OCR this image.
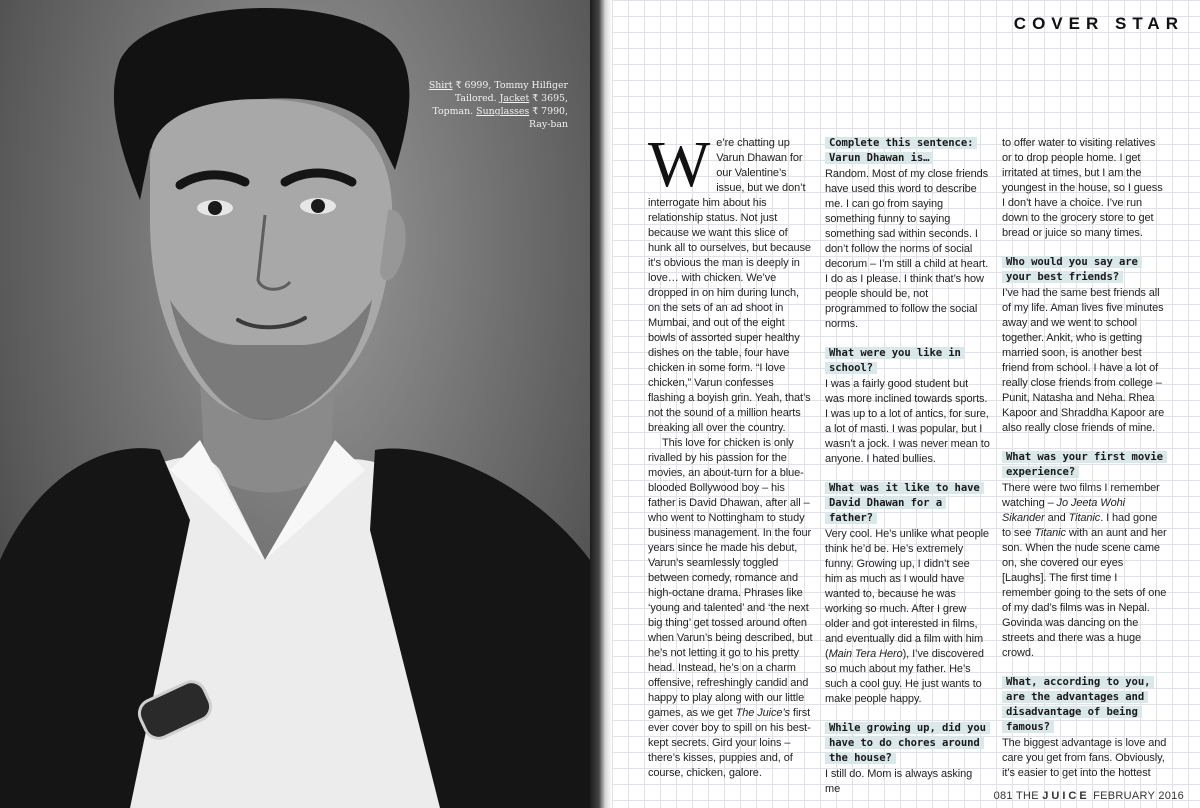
Shirt ₹ 6999, Tommy Hilfiger Tailored. Jacket ₹ 3695, Topman. Sunglasses ₹ 7990, Ray-ban
COVER STAR

We’re chatting up Varun Dhawan for our Valentine’s issue, but we don’t interrogate him about his relationship status. Not just because we want this slice of hunk all to ourselves, but because it’s obvious the man is deeply in love… with chicken. We’ve dropped in on him during lunch, on the sets of an ad shoot in Mumbai, and out of the eight bowls of assorted super healthy dishes on the table, four have chicken in some form. “I love chicken,” Varun confesses flashing a boyish grin. Yeah, that’s not the sound of a million hearts breaking all over the country.

This love for chicken is only rivalled by his passion for the movies, an about-turn for a blue-blooded Bollywood boy – his father is David Dhawan, after all – who went to Nottingham to study business management. In the four years since he made his debut, Varun’s seamlessly toggled between comedy, romance and high-octane drama. Phrases like ‘young and talented’ and ‘the next big thing’ get tossed around often when Varun’s being described, but he’s not letting it go to his pretty head. Instead, he’s on a charm offensive, refreshingly candid and happy to play along with our little games, as we get The Juice’s first ever cover boy to spill on his best-kept secrets. Gird your loins – there’s kisses, puppies and, of course, chicken, galore.

Complete this sentence: Varun Dhawan is…

Random. Most of my close friends have used this word to describe me. I can go from saying something funny to saying something sad within seconds. I don’t follow the norms of social decorum – I’m still a child at heart. I do as I please. I think that’s how people should be, not programmed to follow the social norms.

What were you like in school?

I was a fairly good student but was more inclined towards sports. I was up to a lot of antics, for sure, a lot of masti. I was popular, but I wasn’t a jock. I was never mean to anyone. I hated bullies.

What was it like to have David Dhawan for a father?

Very cool. He’s unlike what people think he’d be. He’s extremely funny. Growing up, I didn’t see him as much as I would have wanted to, because he was working so much. After I grew older and got interested in films, and eventually did a film with him (Main Tera Hero), I’ve discovered so much about my father. He’s such a cool guy. He just wants to make people happy.

While growing up, did you have to do chores around the house?

I still do. Mom is always asking me

to offer water to visiting relatives or to drop people home. I get irritated at times, but I am the youngest in the house, so I guess I don’t have a choice. I’ve run down to the grocery store to get bread or juice so many times.

Who would you say are your best friends?

I’ve had the same best friends all of my life. Aman lives five minutes away and we went to school together. Ankit, who is getting married soon, is another best friend from school. I have a lot of really close friends from college – Punit, Natasha and Neha. Rhea Kapoor and Shraddha Kapoor are also really close friends of mine.

What was your first movie experience?

There were two films I remember watching – Jo Jeeta Wohi Sikander and Titanic. I had gone to see Titanic with an aunt and her son. When the nude scene came on, she covered our eyes [Laughs]. The first time I remember going to the sets of one of my dad’s films was in Nepal. Govinda was dancing on the streets and there was a huge crowd.

What, according to you, are the advantages and disadvantage of being famous?

The biggest advantage is love and care you get from fans. Obviously, it’s easier to get into the hottest

081 THE JUICE FEBRUARY 2016
